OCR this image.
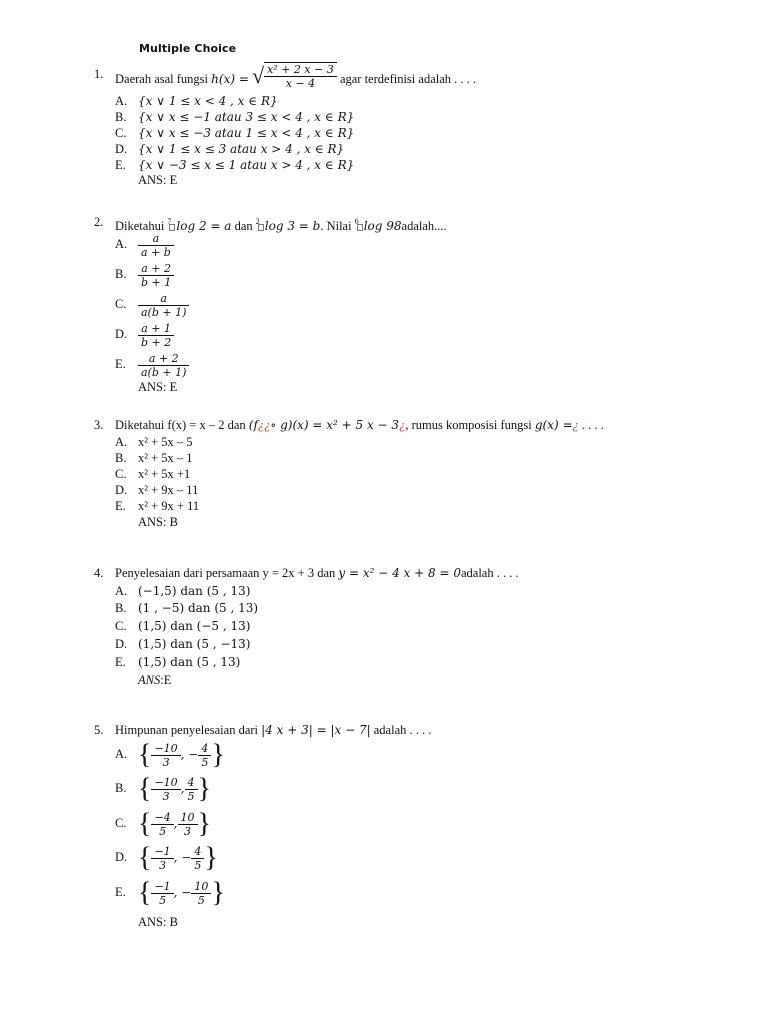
Multiple Choice
1. Daerah asal fungsi h(x) = √ $\frac{\text{x² + 2 x − 3}}{x - 4}$ agar terdefinisi adalah . . . .
A. {x ∨ 1 ≤ x < 4 , x ∈ R}
B. {x ∨ x ≤ −1 atau 3 ≤ x < 4 , x ∈ R}
C. {x ∨ x ≤ −3 atau 1 ≤ x < 4 , x ∈ R}
D. {x ∨ 1 ≤ x ≤ 3 atau x > 4 , x ∈ R}
E. {x ∨ −3 ≤ x ≤ 1 atau x > 4 , x ∈ R}
ANS: E
2. Diketahui $^7$ log 2 = a dan $^2$ log 3 = b. Nilai $^6$ log 98adalah....
A. $\frac{a}{a + b}$
B. $\frac{a + 2}{b + 1}$
C. $\frac{a}{a(b + 1)}$
D. $\frac{a + 1}{b + 2}$
E. $\frac{a + 2}{a(b + 1)}$
ANS: E
3. Diketahui f(x) = x – 2 dan (f¿¿∘ g)(x) = x² + 5 x − 3¿, rumus komposisi fungsi g(x) =¿ . . . .
A. x² + 5x – 5
B. x² + 5x – 1
C. x² + 5x +1
D. x² + 9x – 11
E. x² + 9x + 11
ANS: B
4. Penyelesaian dari persamaan y = 2x + 3 dan y = x² − 4 x + 8 = 0adalah . . . .
A. (−1,5) dan (5 , 13)
B. (1 , −5) dan (5 , 13)
C. (1,5) dan (−5 , 13)
D. (1,5) dan (5 , −13)
E. (1,5) dan (5 , 13)
ANS:E
5. Himpunan penyelesaian dari |4 x + 3| = |x − 7| adalah . . . .
A. { $\frac{-10}{3}$ , − $\frac{4}{5}$ }
B. { $\frac{-10}{3}$ , $\frac{4}{5}$ }
C. { $\frac{-4}{5}$ , $\frac{10}{3}$ }
D. { $\frac{-1}{3}$ , − $\frac{4}{5}$ }
E. { $\frac{-1}{5}$ , − $\frac{10}{5}$ }
ANS: B
